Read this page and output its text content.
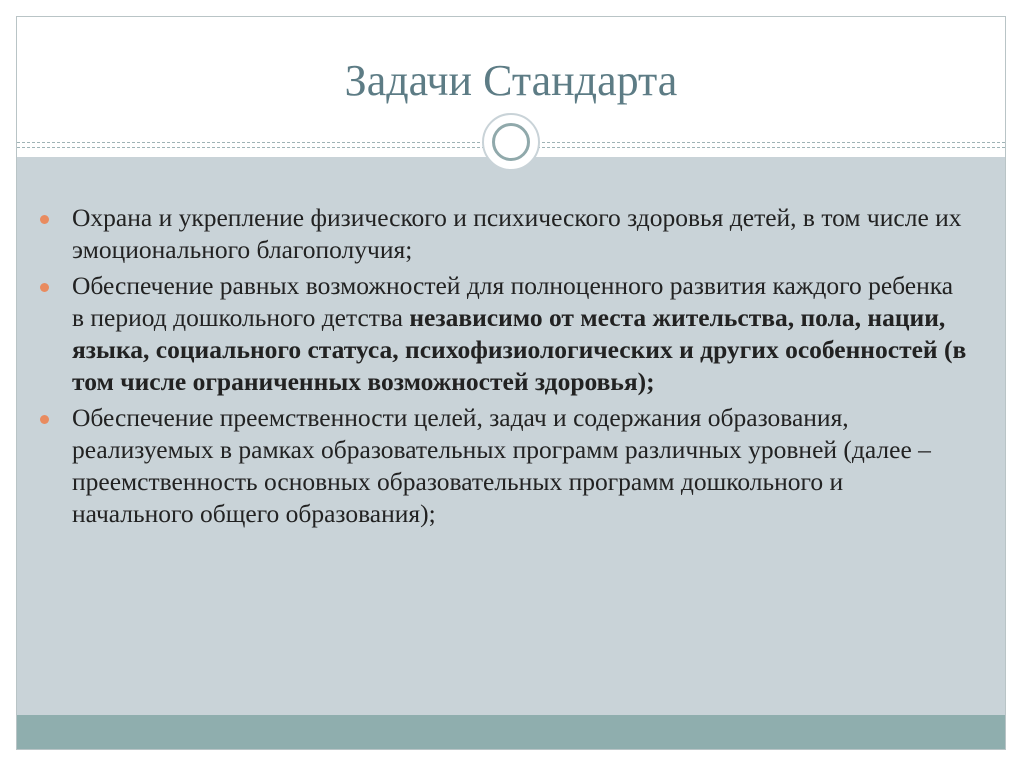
Задачи Стандарта
Охрана и укрепление физического и психического здоровья детей, в том числе их эмоционального благополучия;
Обеспечение равных возможностей для полноценного развития каждого ребенка в период дошкольного детства независимо от места жительства, пола, нации, языка, социального статуса, психофизиологических и других особенностей (в том числе ограниченных возможностей здоровья);
Обеспечение преемственности целей, задач и содержания образования, реализуемых в рамках образовательных программ различных уровней (далее – преемственность основных образовательных программ дошкольного и начального общего образования);
